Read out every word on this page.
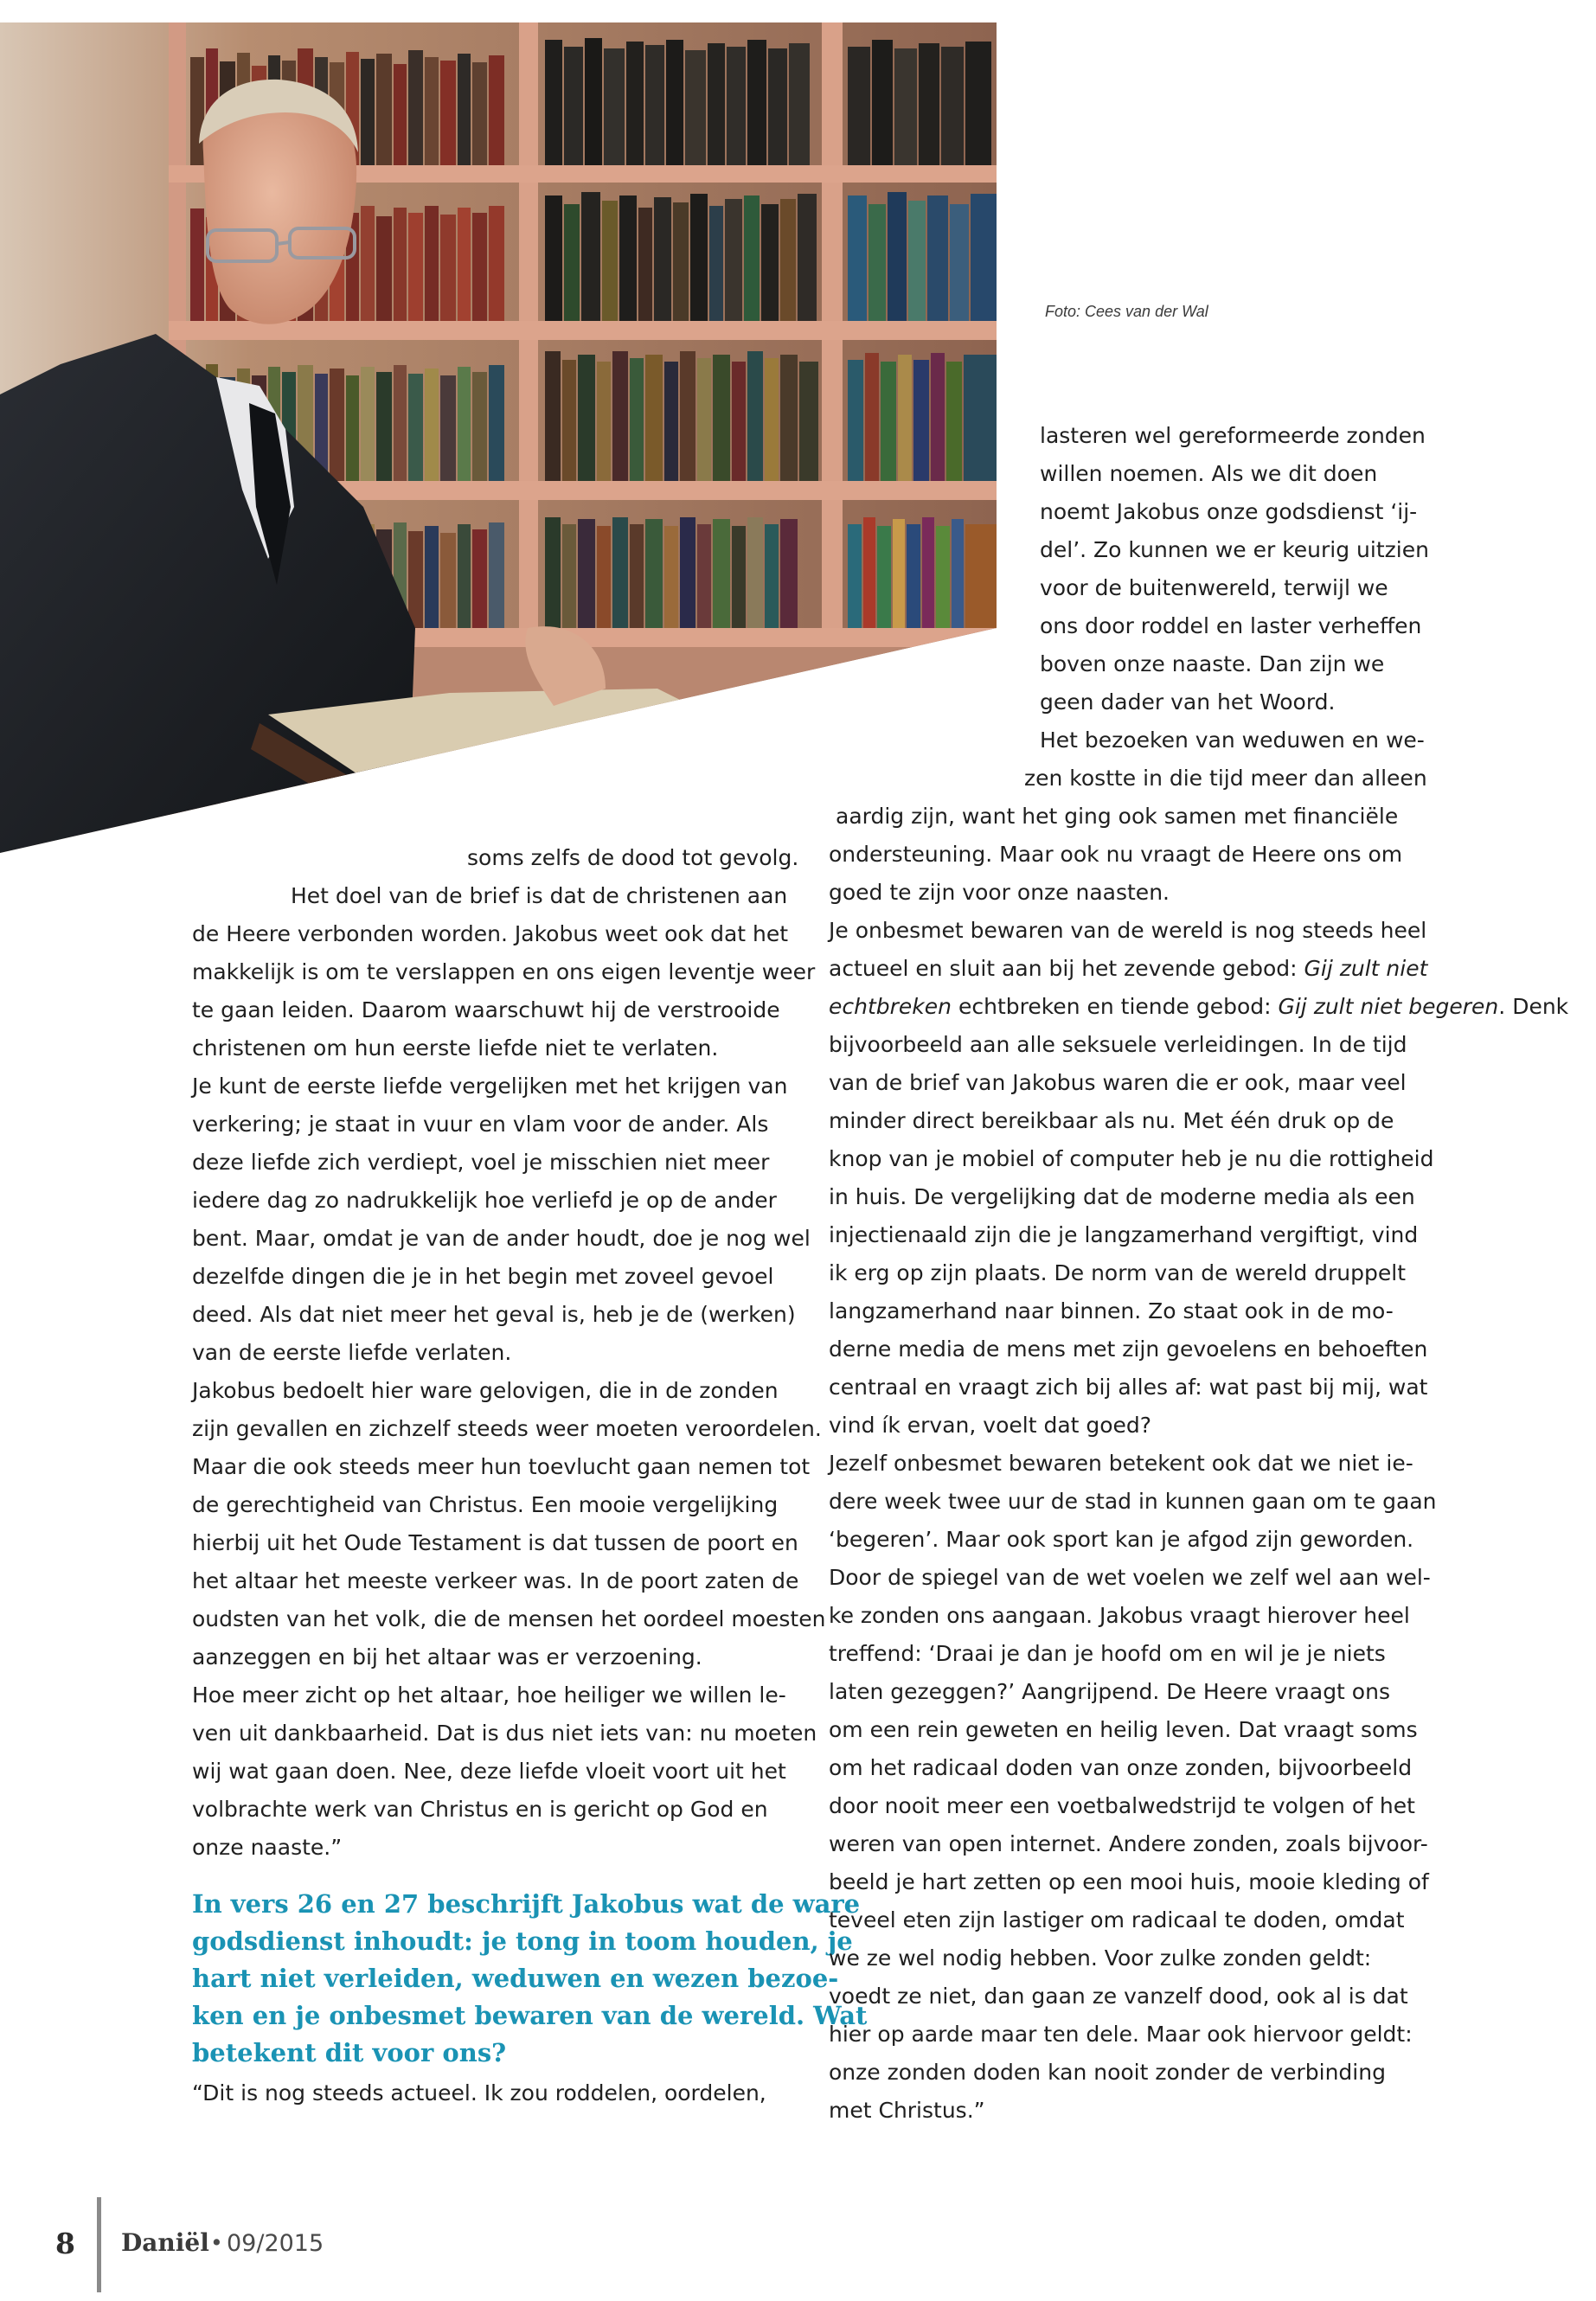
Foto: Cees van der Wal

soms zelfs de dood tot gevolg.

Het doel van de brief is dat de christenen aan

de Heere verbonden worden. Jakobus weet ook dat het

makkelijk is om te verslappen en ons eigen leventje weer

te gaan leiden. Daarom waarschuwt hij de verstrooide

christenen om hun eerste liefde niet te verlaten.

Je kunt de eerste liefde vergelijken met het krijgen van

verkering; je staat in vuur en vlam voor de ander. Als

deze liefde zich verdiept, voel je misschien niet meer

iedere dag zo nadrukkelijk hoe verliefd je op de ander

bent. Maar, omdat je van de ander houdt, doe je nog wel

dezelfde dingen die je in het begin met zoveel gevoel

deed. Als dat niet meer het geval is, heb je de (werken)

van de eerste liefde verlaten.

Jakobus bedoelt hier ware gelovigen, die in de zonden

zijn gevallen en zichzelf steeds weer moeten veroordelen.

Maar die ook steeds meer hun toevlucht gaan nemen tot

de gerechtigheid van Christus. Een mooie vergelijking

hierbij uit het Oude Testament is dat tussen de poort en

het altaar het meeste verkeer was. In de poort zaten de

oudsten van het volk, die de mensen het oordeel moesten

aanzeggen en bij het altaar was er verzoening.

Hoe meer zicht op het altaar, hoe heiliger we willen le-

ven uit dankbaarheid. Dat is dus niet iets van: nu moeten

wij wat gaan doen. Nee, deze liefde vloeit voort uit het

volbrachte werk van Christus en is gericht op God en

onze naaste.”

In vers 26 en 27 beschrijft Jakobus wat de ware

godsdienst inhoudt: je tong in toom houden, je

hart niet verleiden, weduwen en wezen bezoe-

ken en je onbesmet bewaren van de wereld. Wat

betekent dit voor ons?

“Dit is nog steeds actueel. Ik zou roddelen, oordelen,

lasteren wel gereformeerde zonden

willen noemen. Als we dit doen

noemt Jakobus onze godsdienst ‘ij-

del’. Zo kunnen we er keurig uitzien

voor de buitenwereld, terwijl we

ons door roddel en laster verheffen

boven onze naaste. Dan zijn we

geen dader van het Woord.

Het bezoeken van weduwen en we-

zen kostte in die tijd meer dan alleen

aardig zijn, want het ging ook samen met financiële

ondersteuning. Maar ook nu vraagt de Heere ons om

goed te zijn voor onze naasten.

Je onbesmet bewaren van de wereld is nog steeds heel

actueel en sluit aan bij het zevende gebod: Gij zult niet

echtbreken echtbreken en tiende gebod: Gij zult niet begeren. Denk

bijvoorbeeld aan alle seksuele verleidingen. In de tijd

van de brief van Jakobus waren die er ook, maar veel

minder direct bereikbaar als nu. Met één druk op de

knop van je mobiel of computer heb je nu die rottigheid

in huis. De vergelijking dat de moderne media als een

injectienaald zijn die je langzamerhand vergiftigt, vind

ik erg op zijn plaats. De norm van de wereld druppelt

langzamerhand naar binnen. Zo staat ook in de mo-

derne media de mens met zijn gevoelens en behoeften

centraal en vraagt zich bij alles af: wat past bij mij, wat

vind ík ervan, voelt dat goed?

Jezelf onbesmet bewaren betekent ook dat we niet ie-

dere week twee uur de stad in kunnen gaan om te gaan

‘begeren’. Maar ook sport kan je afgod zijn geworden.

Door de spiegel van de wet voelen we zelf wel aan wel-

ke zonden ons aangaan. Jakobus vraagt hierover heel

treffend: ‘Draai je dan je hoofd om en wil je je niets

laten gezeggen?’ Aangrijpend. De Heere vraagt ons

om een rein geweten en heilig leven. Dat vraagt soms

om het radicaal doden van onze zonden, bijvoorbeeld

door nooit meer een voetbalwedstrijd te volgen of het

weren van open internet. Andere zonden, zoals bijvoor-

beeld je hart zetten op een mooi huis, mooie kleding of

teveel eten zijn lastiger om radicaal te doden, omdat

we ze wel nodig hebben. Voor zulke zonden geldt:

voedt ze niet, dan gaan ze vanzelf dood, ook al is dat

hier op aarde maar ten dele. Maar ook hiervoor geldt:

onze zonden doden kan nooit zonder de verbinding

met Christus.”

8 Daniël • 09/2015
